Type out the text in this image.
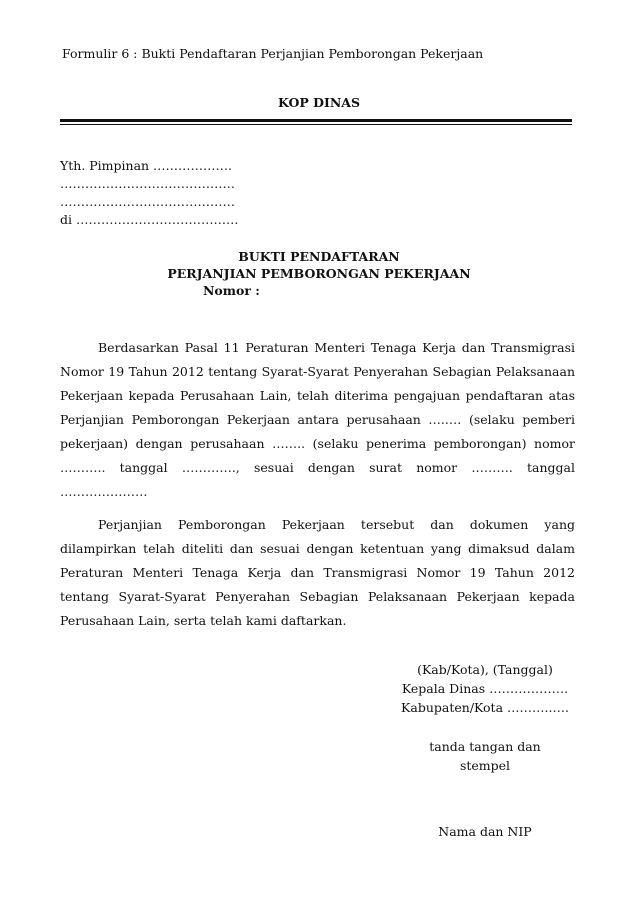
Formulir 6 : Bukti Pendaftaran Perjanjian Pemborongan Pekerjaan
KOP DINAS
Yth. Pimpinan ……………….
……………………………………
……………………………………
di …………………………………
BUKTI PENDAFTARAN
PERJANJIAN PEMBORONGAN PEKERJAAN
Nomor :

Berdasarkan Pasal 11 Peraturan Menteri Tenaga Kerja dan Transmigrasi Nomor 19 Tahun 2012 tentang Syarat-Syarat Penyerahan Sebagian Pelaksanaan Pekerjaan kepada Perusahaan Lain, telah diterima pengajuan pendaftaran atas Perjanjian Pemborongan Pekerjaan antara perusahaan …..… (selaku pemberi pekerjaan) dengan perusahaan …….. (selaku penerima pemborongan) nomor ……….. tanggal …………., sesuai dengan surat nomor ………. tanggal …………………

Perjanjian Pemborongan Pekerjaan tersebut dan dokumen yang dilampirkan telah diteliti dan sesuai dengan ketentuan yang dimaksud dalam Peraturan Menteri Tenaga Kerja dan Transmigrasi Nomor 19 Tahun 2012 tentang Syarat-Syarat Penyerahan Sebagian Pelaksanaan Pekerjaan kepada Perusahaan Lain, serta telah kami daftarkan.

(Kab/Kota), (Tanggal)
Kepala Dinas ……………….
Kabupaten/Kota ………..….
tanda tangan dan
stempel
Nama dan NIP
